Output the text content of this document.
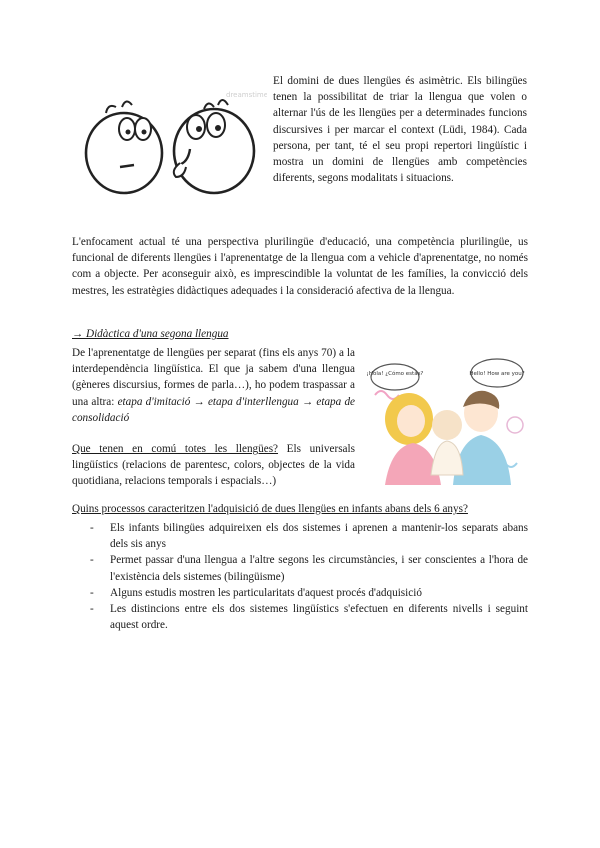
dreamstime

El domini de dues llengües és asimètric. Els bilingües tenen la possibilitat de triar la llengua que volen o alternar l'ús de les llengües per a determinades funcions discursives i per marcar el context (Lüdi, 1984). Cada persona, per tant, té el seu propi repertori lingüístic i mostra un domini de llengües amb competències diferents, segons modalitats i situacions.

L'enfocament actual té una perspectiva plurilingüe d'educació, una competència plurilingüe, us funcional de diferents llengües i l'aprenentatge de la llengua com a vehicle d'aprenentatge, no només com a objecte. Per aconseguir això, es imprescindible la voluntat de les famílies, la convicció dels mestres, les estratègies didàctiques adequades i la consideració afectiva de la llengua.

→ Didàctica d'una segona llengua

De l'aprenentatge de llengües per separat (fins els anys 70) a la interdependència lingüística. El que ja sabem d'una llengua (gèneres discursius, formes de parla…), ho podem traspassar a una altra: etapa d'imitació → etapa d'interllengua → etapa de consolidació

Que tenen en comú totes les llengües? Els universals lingüístics (relacions de parentesc, colors, objectes de la vida quotidiana, relacions temporals i espacials…)

¡Hola! ¿Cómo estás?	Hello! How are you?
Quins processos caracteritzen l'adquisició de dues llengües en infants abans dels 6 anys?
- Els infants bilingües adquireixen els dos sistemes i aprenen a mantenir-los separats abans dels sis anys
- Permet passar d'una llengua a l'altre segons les circumstàncies, i ser conscientes a l'hora de l'existència dels sistemes (bilingüisme)
- Alguns estudis mostren les particularitats d'aquest procés d'adquisició
- Les distincions entre els dos sistemes lingüístics s'efectuen en diferents nivells i seguint aquest ordre.
